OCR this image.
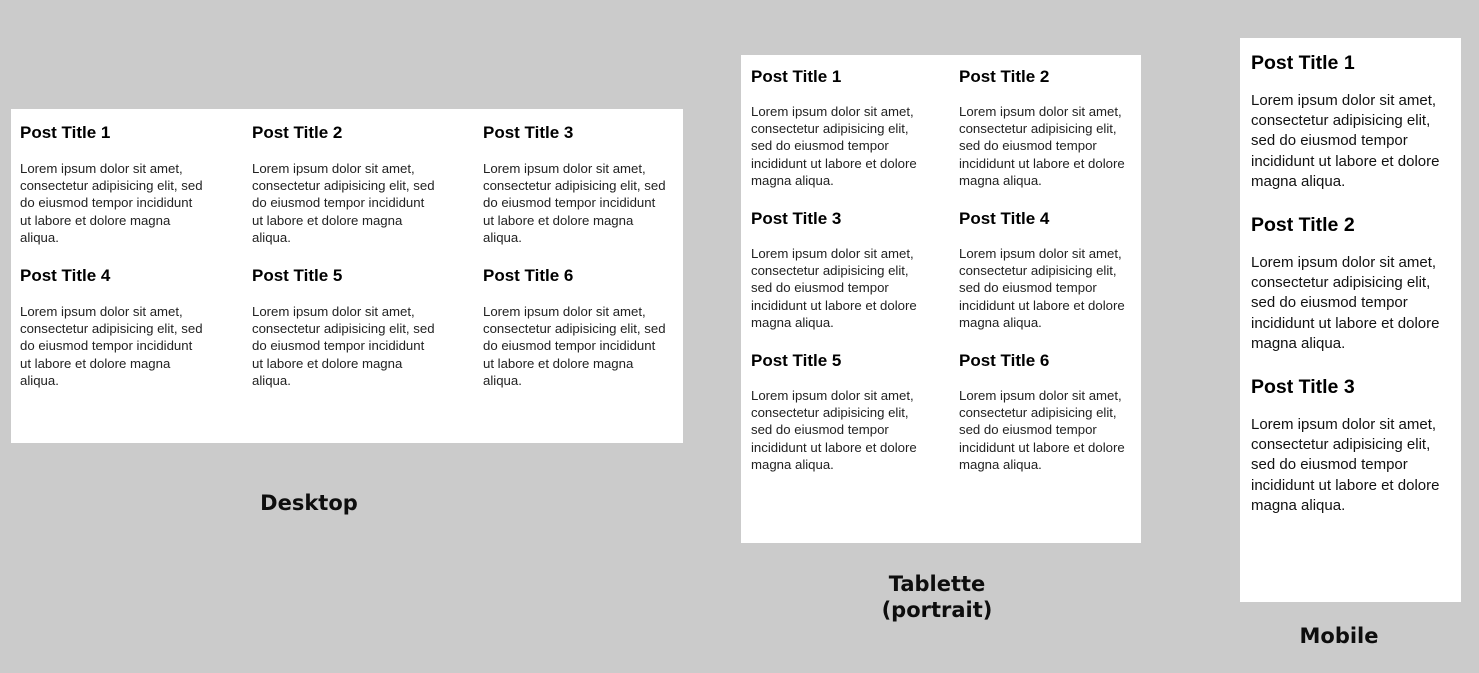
Post Title 1

Lorem ipsum dolor sit amet, consectetur adipisicing elit, sed do eiusmod tempor incididunt ut labore et dolore magna aliqua.

Post Title 2

Lorem ipsum dolor sit amet, consectetur adipisicing elit, sed do eiusmod tempor incididunt ut labore et dolore magna aliqua.

Post Title 3

Lorem ipsum dolor sit amet, consectetur adipisicing elit, sed do eiusmod tempor incididunt ut labore et dolore magna aliqua.

Post Title 4

Lorem ipsum dolor sit amet, consectetur adipisicing elit, sed do eiusmod tempor incididunt ut labore et dolore magna aliqua.

Post Title 5

Lorem ipsum dolor sit amet, consectetur adipisicing elit, sed do eiusmod tempor incididunt ut labore et dolore magna aliqua.

Post Title 6

Lorem ipsum dolor sit amet, consectetur adipisicing elit, sed do eiusmod tempor incididunt ut labore et dolore magna aliqua.

Desktop

Post Title 1

Lorem ipsum dolor sit amet, consectetur adipisicing elit, sed do eiusmod tempor incididunt ut labore et dolore magna aliqua.

Post Title 2

Lorem ipsum dolor sit amet, consectetur adipisicing elit, sed do eiusmod tempor incididunt ut labore et dolore magna aliqua.

Post Title 3

Lorem ipsum dolor sit amet, consectetur adipisicing elit, sed do eiusmod tempor incididunt ut labore et dolore magna aliqua.

Post Title 4

Lorem ipsum dolor sit amet, consectetur adipisicing elit, sed do eiusmod tempor incididunt ut labore et dolore magna aliqua.

Post Title 5

Lorem ipsum dolor sit amet, consectetur adipisicing elit, sed do eiusmod tempor incididunt ut labore et dolore magna aliqua.

Post Title 6

Lorem ipsum dolor sit amet, consectetur adipisicing elit, sed do eiusmod tempor incididunt ut labore et dolore magna aliqua.

Tablette
(portrait)

Post Title 1

Lorem ipsum dolor sit amet, consectetur adipisicing elit, sed do eiusmod tempor incididunt ut labore et dolore magna aliqua.

Post Title 2

Lorem ipsum dolor sit amet, consectetur adipisicing elit, sed do eiusmod tempor incididunt ut labore et dolore magna aliqua.

Post Title 3

Lorem ipsum dolor sit amet, consectetur adipisicing elit, sed do eiusmod tempor incididunt ut labore et dolore magna aliqua.

Mobile
